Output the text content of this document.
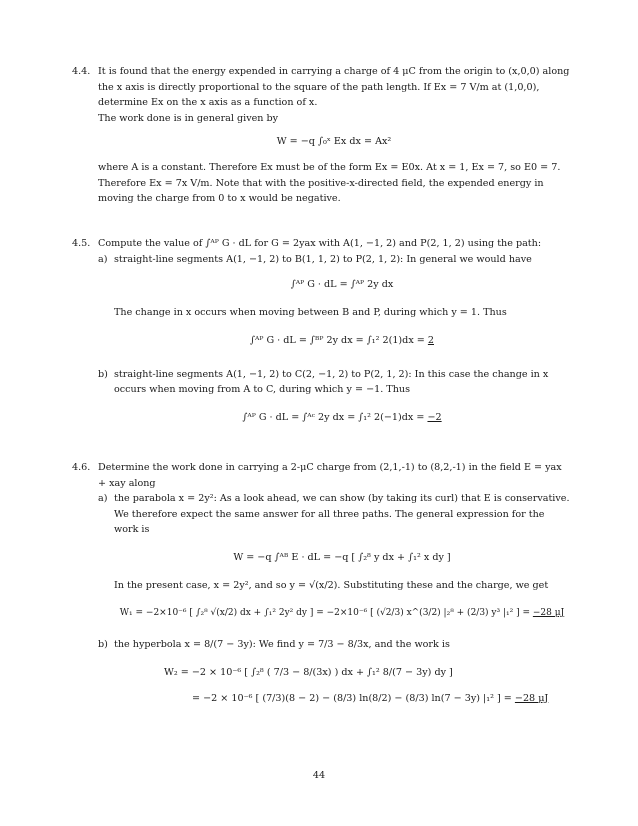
4.4. It is found that the energy expended in carrying a charge of 4 μC from the origin to (x,0,0) along the x axis is directly proportional to the square of the path length. If Ex = 7 V/m at (1,0,0), determine Ex on the x axis as a function of x.

The work done is in general given by

W = −q ∫₀ˣ Ex dx = Ax²

where A is a constant. Therefore Ex must be of the form Ex = E0x. At x = 1, Ex = 7, so E0 = 7. Therefore Ex = 7x V/m. Note that with the positive-x-directed field, the expended energy in moving the charge from 0 to x would be negative.

4.5. Compute the value of ∫ᴬᴾ G · dL for G = 2yax with A(1, −1, 2) and P(2, 1, 2) using the path:

a) straight-line segments A(1, −1, 2) to B(1, 1, 2) to P(2, 1, 2): In general we would have

∫ᴬᴾ G · dL = ∫ᴬᴾ 2y dx

The change in x occurs when moving between B and P, during which y = 1. Thus

∫ᴬᴾ G · dL = ∫ᴮᴾ 2y dx = ∫₁² 2(1)dx = 2
b) straight-line segments A(1, −1, 2) to C(2, −1, 2) to P(2, 1, 2): In this case the change in x occurs when moving from A to C, during which y = −1. Thus

∫ᴬᴾ G · dL = ∫ᴬᶜ 2y dx = ∫₁² 2(−1)dx = −2
4.6. Determine the work done in carrying a 2-μC charge from (2,1,-1) to (8,2,-1) in the field E = yax + xay along

a) the parabola x = 2y²: As a look ahead, we can show (by taking its curl) that E is conservative. We therefore expect the same answer for all three paths. The general expression for the work is

W = −q ∫ᴬᴮ E · dL = −q [ ∫₂⁸ y dx + ∫₁² x dy ]

In the present case, x = 2y², and so y = √(x/2). Substituting these and the charge, we get

W₁ = −2×10⁻⁶ [ ∫₂⁸ √(x/2) dx + ∫₁² 2y² dy ] = −2×10⁻⁶ [ (√2/3) x^(3/2) |₂⁸ + (2/3) y³ |₁² ] = −28 μJ
b) the hyperbola x = 8/(7 − 3y): We find y = 7/3 − 8/3x, and the work is

W₂ = −2 × 10⁻⁶ [ ∫₂⁸ ( 7/3 − 8/(3x) ) dx + ∫₁² 8/(7 − 3y) dy ]
= −2 × 10⁻⁶ [ (7/3)(8 − 2) − (8/3) ln(8/2) − (8/3) ln(7 − 3y) |₁² ] = −28 μJ
44
